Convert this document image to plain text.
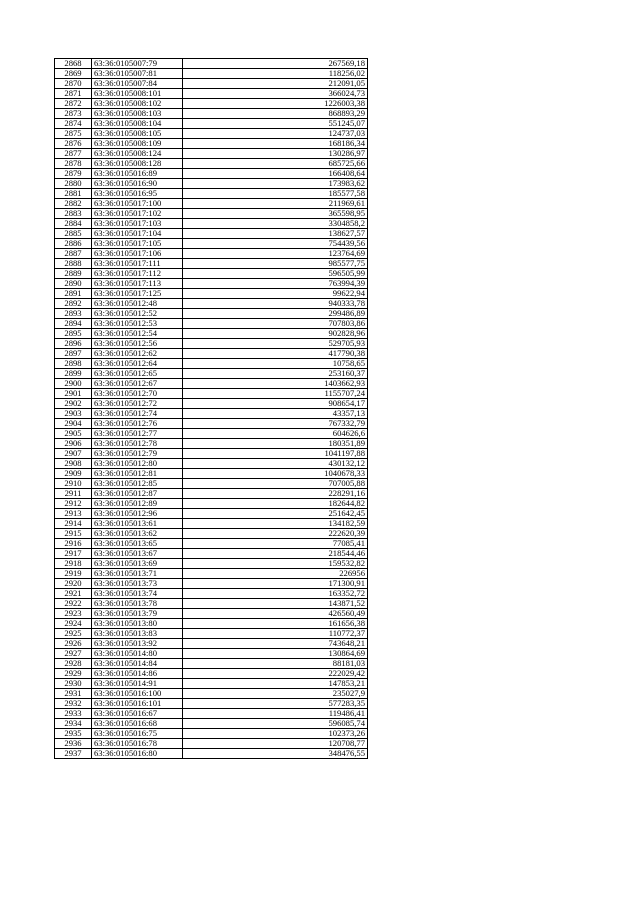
2868	63:36:0105007:79	267569,18
2869	63:36:0105007:81	118256,02
2870	63:36:0105007:84	212091,05
2871	63:36:0105008:101	366024,73
2872	63:36:0105008:102	1226003,38
2873	63:36:0105008:103	868893,29
2874	63:36:0105008:104	551245,07
2875	63:36:0105008:105	124737,03
2876	63:36:0105008:109	168186,34
2877	63:36:0105008:124	130286,97
2878	63:36:0105008:128	685725,66
2879	63:36:0105016:89	166408,64
2880	63:36:0105016:90	173983,62
2881	63:36:0105016:95	185577,58
2882	63:36:0105017:100	211969,61
2883	63:36:0105017:102	365598,95
2884	63:36:0105017:103	3304858,2
2885	63:36:0105017:104	138627,57
2886	63:36:0105017:105	754439,56
2887	63:36:0105017:106	123764,69
2888	63:36:0105017:111	985577,75
2889	63:36:0105017:112	596505,99
2890	63:36:0105017:113	763994,39
2891	63:36:0105017:125	99622,94
2892	63:36:0105012:48	940333,78
2893	63:36:0105012:52	299486,89
2894	63:36:0105012:53	707803,86
2895	63:36:0105012:54	902828,96
2896	63:36:0105012:56	529705,93
2897	63:36:0105012:62	417790,38
2898	63:36:0105012:64	10758,65
2899	63:36:0105012:65	253160,37
2900	63:36:0105012:67	1403662,93
2901	63:36:0105012:70	1155707,24
2902	63:36:0105012:72	908654,17
2903	63:36:0105012:74	43357,13
2904	63:36:0105012:76	767332,79
2905	63:36:0105012:77	604626,6
2906	63:36:0105012:78	180351,89
2907	63:36:0105012:79	1041197,88
2908	63:36:0105012:80	430132,12
2909	63:36:0105012:81	1040678,33
2910	63:36:0105012:85	707005,88
2911	63:36:0105012:87	228291,16
2912	63:36:0105012:89	182644,82
2913	63:36:0105012:96	251642,45
2914	63:36:0105013:61	134182,59
2915	63:36:0105013:62	222620,39
2916	63:36:0105013:65	77085,41
2917	63:36:0105013:67	218544,46
2918	63:36:0105013:69	159532,82
2919	63:36:0105013:71	226956
2920	63:36:0105013:73	171300,91
2921	63:36:0105013:74	163352,72
2922	63:36:0105013:78	143871,52
2923	63:36:0105013:79	426560,49
2924	63:36:0105013:80	161656,38
2925	63:36:0105013:83	110772,37
2926	63:36:0105013:92	743648,21
2927	63:36:0105014:80	130864,69
2928	63:36:0105014:84	88181,03
2929	63:36:0105014:86	222029,42
2930	63:36:0105014:91	147853,21
2931	63:36:0105016:100	235027,9
2932	63:36:0105016:101	577283,35
2933	63:36:0105016:67	119486,41
2934	63:36:0105016:68	596085,74
2935	63:36:0105016:75	102373,26
2936	63:36:0105016:78	120708,77
2937	63:36:0105016:80	348476,55
